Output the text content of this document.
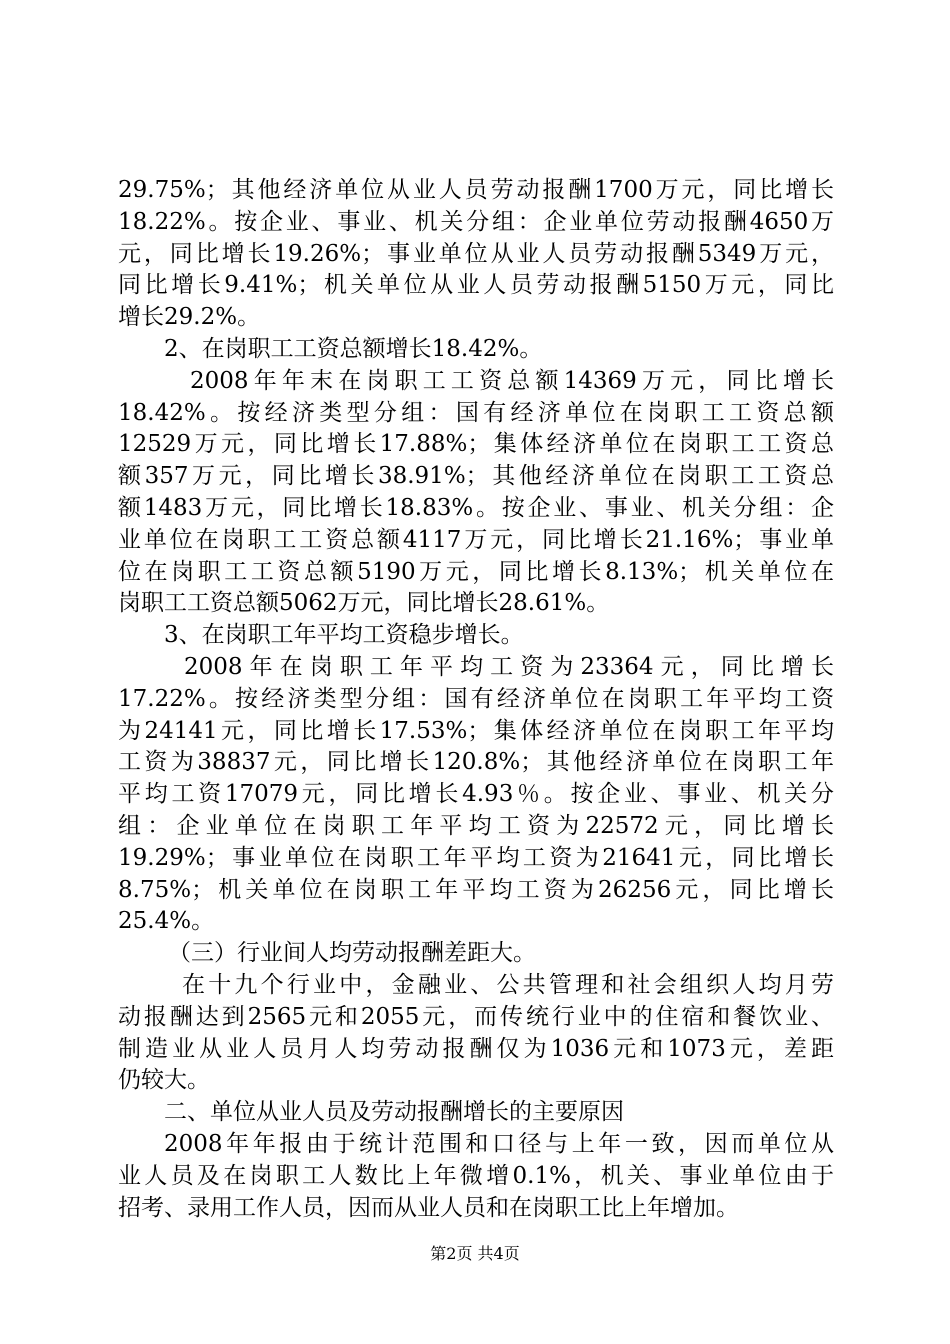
29.75%；其他经济单位从业人员劳动报酬1700万元，同比增长
18.22%。按企业、事业、机关分组：企业单位劳动报酬4650万
元，同比增长19.26%；事业单位从业人员劳动报酬5349万元，
同比增长9.41%；机关单位从业人员劳动报酬5150万元，同比
增长29.2%。
2、在岗职工工资总额增长18.42%。
2008年年末在岗职工工资总额14369万元，同比增长
18.42%。按经济类型分组：国有经济单位在岗职工工资总额
12529万元，同比增长17.88%；集体经济单位在岗职工工资总
额357万元，同比增长38.91%；其他经济单位在岗职工工资总
额1483万元，同比增长18.83%。按企业、事业、机关分组：企
业单位在岗职工工资总额4117万元，同比增长21.16%；事业单
位在岗职工工资总额5190万元，同比增长8.13%；机关单位在
岗职工工资总额5062万元，同比增长28.61%。
3、在岗职工年平均工资稳步增长。
2008年在岗职工年平均工资为23364元，同比增长
17.22%。按经济类型分组：国有经济单位在岗职工年平均工资
为24141元，同比增长17.53%；集体经济单位在岗职工年平均
工资为38837元，同比增长120.8%；其他经济单位在岗职工年
平均工资17079元，同比增长4.93％。按企业、事业、机关分
组：企业单位在岗职工年平均工资为22572元，同比增长
19.29%；事业单位在岗职工年平均工资为21641元，同比增长
8.75%；机关单位在岗职工年平均工资为26256元，同比增长
25.4%。
（三）行业间人均劳动报酬差距大。
在十九个行业中，金融业、公共管理和社会组织人均月劳
动报酬达到2565元和2055元，而传统行业中的住宿和餐饮业、
制造业从业人员月人均劳动报酬仅为1036元和1073元，差距
仍较大。
二、单位从业人员及劳动报酬增长的主要原因
2008年年报由于统计范围和口径与上年一致，因而单位从
业人员及在岗职工人数比上年微增0.1%，机关、事业单位由于
招考、录用工作人员，因而从业人员和在岗职工比上年增加。
第2页 共4页
